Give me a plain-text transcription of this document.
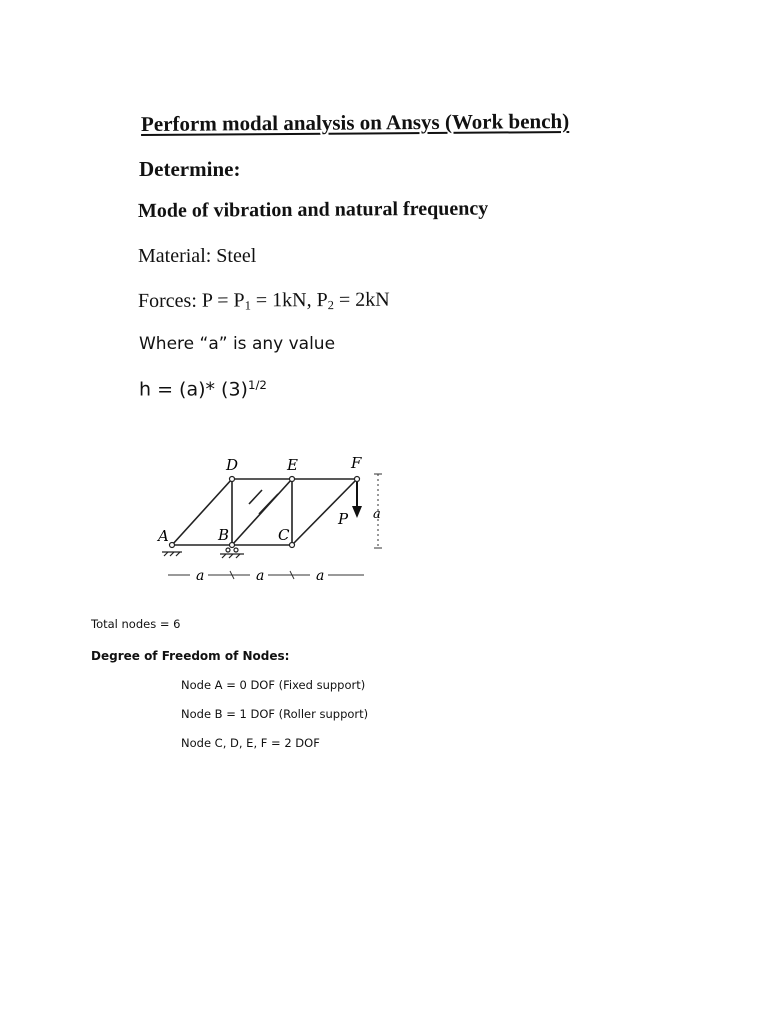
Perform modal analysis on Ansys (Work bench)
Determine:
Mode of vibration and natural frequency
Material: Steel
Forces: $P = P_1 = 1kN$, $P_2 = 2kN$
Where “a” is any value
h = (a)* $(3)^{1/2}$
D	E	F
A	B	C
P a
a	a	a
Total nodes = 6
Degree of Freedom of Nodes:
Node A = 0 DOF (Fixed support)
Node B = 1 DOF (Roller support)
Node C, D, E, F = 2 DOF
